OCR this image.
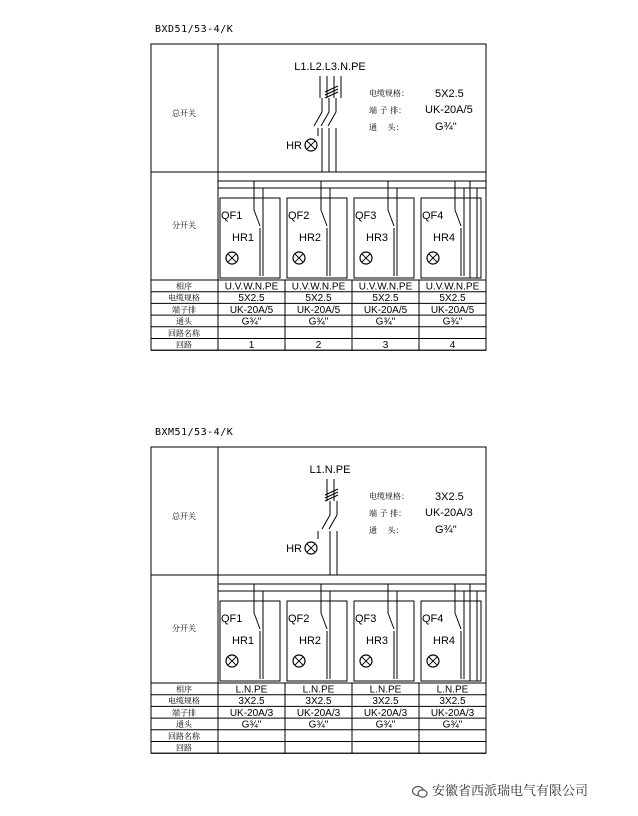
BXD51/53-4/K
BXM51/53-4/K
总开关
分开关
相序
电缆规格
端子排
通头
回路名称
回路
U.V.W.N.PE
5X2.5
UK-20A/5
G¾"
1
U.V.W.N.PE
5X2.5
UK-20A/5
G¾"
2
U.V.W.N.PE
5X2.5
UK-20A/5
G¾"
3
U.V.W.N.PE
5X2.5
UK-20A/5
G¾"
4
L1.L2.L3.N.PE
HR
电缆规格： 5X2.5
端 子 排： UK-20A/5
通 　头：	G¾"
QF1
HR1
QF2
HR2
QF3
HR3
QF4
HR4
总开关
分开关
相序
电缆规格
端子排
通头
回路名称
回路
L.N.PE
3X2.5
UK-20A/3
G¾"
L.N.PE
3X2.5
UK-20A/3
G¾"
L.N.PE
3X2.5
UK-20A/3
G¾"
L.N.PE
3X2.5
UK-20A/3
G¾"
L1.N.PE
HR
电缆规格： 3X2.5
端 子 排： UK-20A/3
通 　头：	G¾"
QF1
HR1
QF2
HR2
QF3
HR3
QF4
HR4
安徽省西派瑞电气有限公司
